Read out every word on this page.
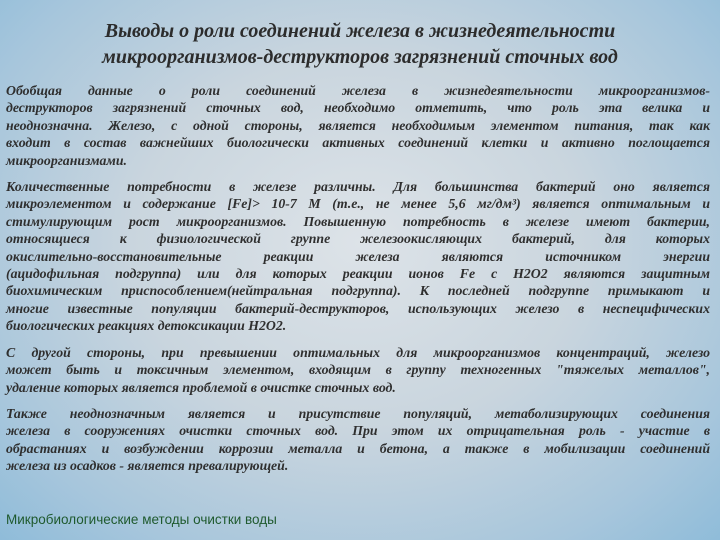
Выводы о роли соединений железа в жизнедеятельности
микроорганизмов-деструкторов загрязнений сточных вод
Обобщая данные о роли соединений железа в жизнедеятельности микроорганизмов-
деструкторов загрязнений сточных вод, необходимо отметить, что роль эта велика и
неоднозначна. Железо, с одной стороны, является необходимым элементом питания, так как
входит в состав важнейших биологически активных соединений клетки и активно поглощается
микроорганизмами.
Количественные потребности в железе различны. Для большинства бактерий оно является
микроэлементом и содержание [Fe]> 10-7 М (т.е., не менее 5,6 мг/дм³) является оптимальным и
стимулирующим рост микроорганизмов. Повышенную потребность в железе имеют бактерии,
относящиеся к физиологической группе железоокисляющих бактерий, для которых
окислительно-восстановительные реакции железа являются источником энергии
(ацидофильная подгруппа) или для которых реакции ионов Fe с H2O2 являются защитным
биохимическим приспособлением(нейтральная подгруппа). К последней подгруппе примыкают и
многие известные популяции бактерий-деструкторов, использующих железо в неспецифических
биологических реакциях детоксикации H2O2.
С другой стороны, при превышении оптимальных для микроорганизмов концентраций, железо
может быть и токсичным элементом, входящим в группу техногенных "тяжелых металлов",
удаление которых является проблемой в очистке сточных вод.
Также неоднозначным является и присутствие популяций, метаболизирующих соединения
железа в сооружениях очистки сточных вод. При этом их отрицательная роль - участие в
обрастаниях и возбуждении коррозии металла и бетона, а также в мобилизации соединений
железа из осадков - является превалирующей.
Микробиологические методы очистки воды
